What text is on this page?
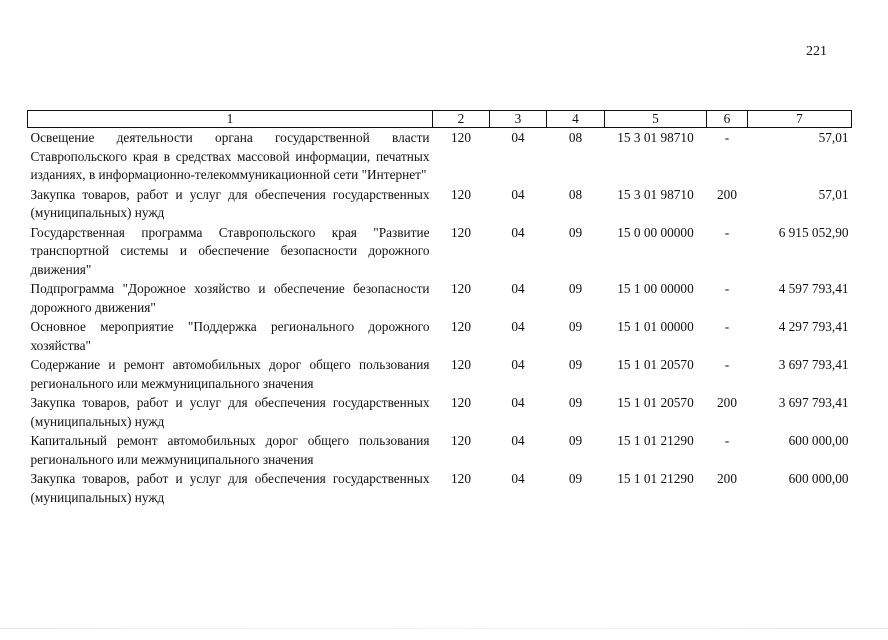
221
1	2	3	4	5	6	7
Освещение деятельности органа государственной власти Ставропольского края в средствах массовой информации, печатных изданиях, в информационно-телекоммуникационной сети "Интернет"	120	04	08	15 3 01 98710	-	57,01
Закупка товаров, работ и услуг для обеспечения государственных (муниципальных) нужд	120	04	08	15 3 01 98710	200	57,01
Государственная программа Ставропольского края "Развитие транспортной системы и обеспечение безопасности дорожного движения"	120	04	09	15 0 00 00000	-	6 915 052,90
Подпрограмма "Дорожное хозяйство и обеспечение безопасности дорожного движения"	120	04	09	15 1 00 00000	-	4 597 793,41
Основное мероприятие "Поддержка регионального дорожного хозяйства"	120	04	09	15 1 01 00000	-	4 297 793,41
Содержание и ремонт автомобильных дорог общего пользования регионального или межмуниципального значения	120	04	09	15 1 01 20570	-	3 697 793,41
Закупка товаров, работ и услуг для обеспечения государственных (муниципальных) нужд	120	04	09	15 1 01 20570	200	3 697 793,41
Капитальный ремонт автомобильных дорог общего пользования регионального или межмуниципального значения	120	04	09	15 1 01 21290	-	600 000,00
Закупка товаров, работ и услуг для обеспечения государственных (муниципальных) нужд	120	04	09	15 1 01 21290	200	600 000,00
